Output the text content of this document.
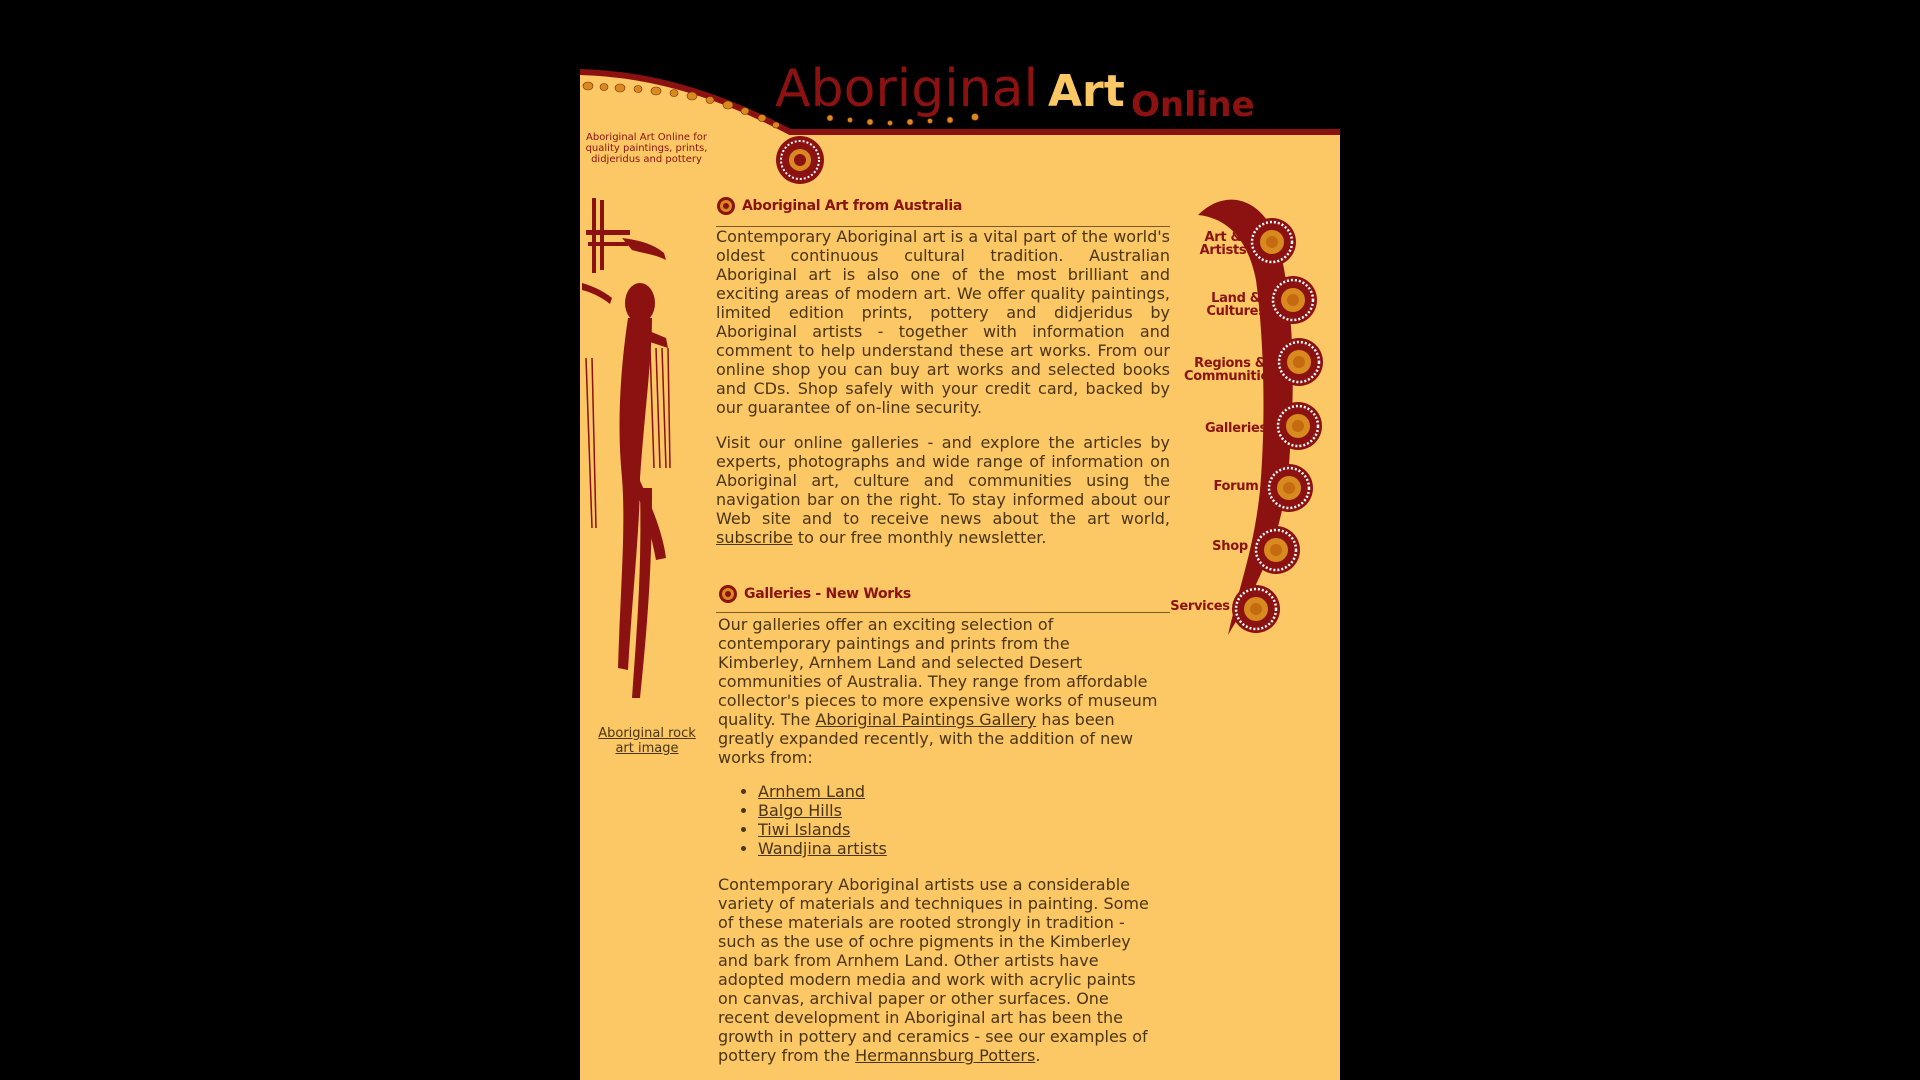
Aboriginal Art Online
Aboriginal Art Online for quality paintings, prints, didjeridus and pottery
Aboriginal rock art image
Aboriginal Art from Australia

Contemporary Aboriginal art is a vital part of the world's oldest continuous cultural tradition. Australian Aboriginal art is also one of the most brilliant and exciting areas of modern art. We offer quality paintings, limited edition prints, pottery and didjeridus by Aboriginal artists - together with information and comment to help understand these art works. From our online shop you can buy art works and selected books and CDs. Shop safely with your credit card, backed by our guarantee of on-line security.

Visit our online galleries - and explore the articles by experts, photographs and wide range of information on Aboriginal art, culture and communities using the navigation bar on the right. To stay informed about our Web site and to receive news about the art world, subscribe to our free monthly newsletter.

Galleries - New Works

Our galleries offer an exciting selection of contemporary paintings and prints from the Kimberley, Arnhem Land and selected Desert communities of Australia. They range from affordable collector's pieces to more expensive works of museum quality. The Aboriginal Paintings Gallery has been greatly expanded recently, with the addition of new works from:

• Arnhem Land
• Balgo Hills
• Tiwi Islands
• Wandjina artists

Contemporary Aboriginal artists use a considerable variety of materials and techniques in painting. Some of these materials are rooted strongly in tradition - such as the use of ochre pigments in the Kimberley and bark from Arnhem Land. Other artists have adopted modern media and work with acrylic paints on canvas, archival paper or other surfaces. One recent development in Aboriginal art has been the growth in pottery and ceramics - see our examples of pottery from the Hermannsburg Potters.

Art &
Artists
Land &
Cultures
Regions &
Communities
Galleries
Forum
Shop
Services
